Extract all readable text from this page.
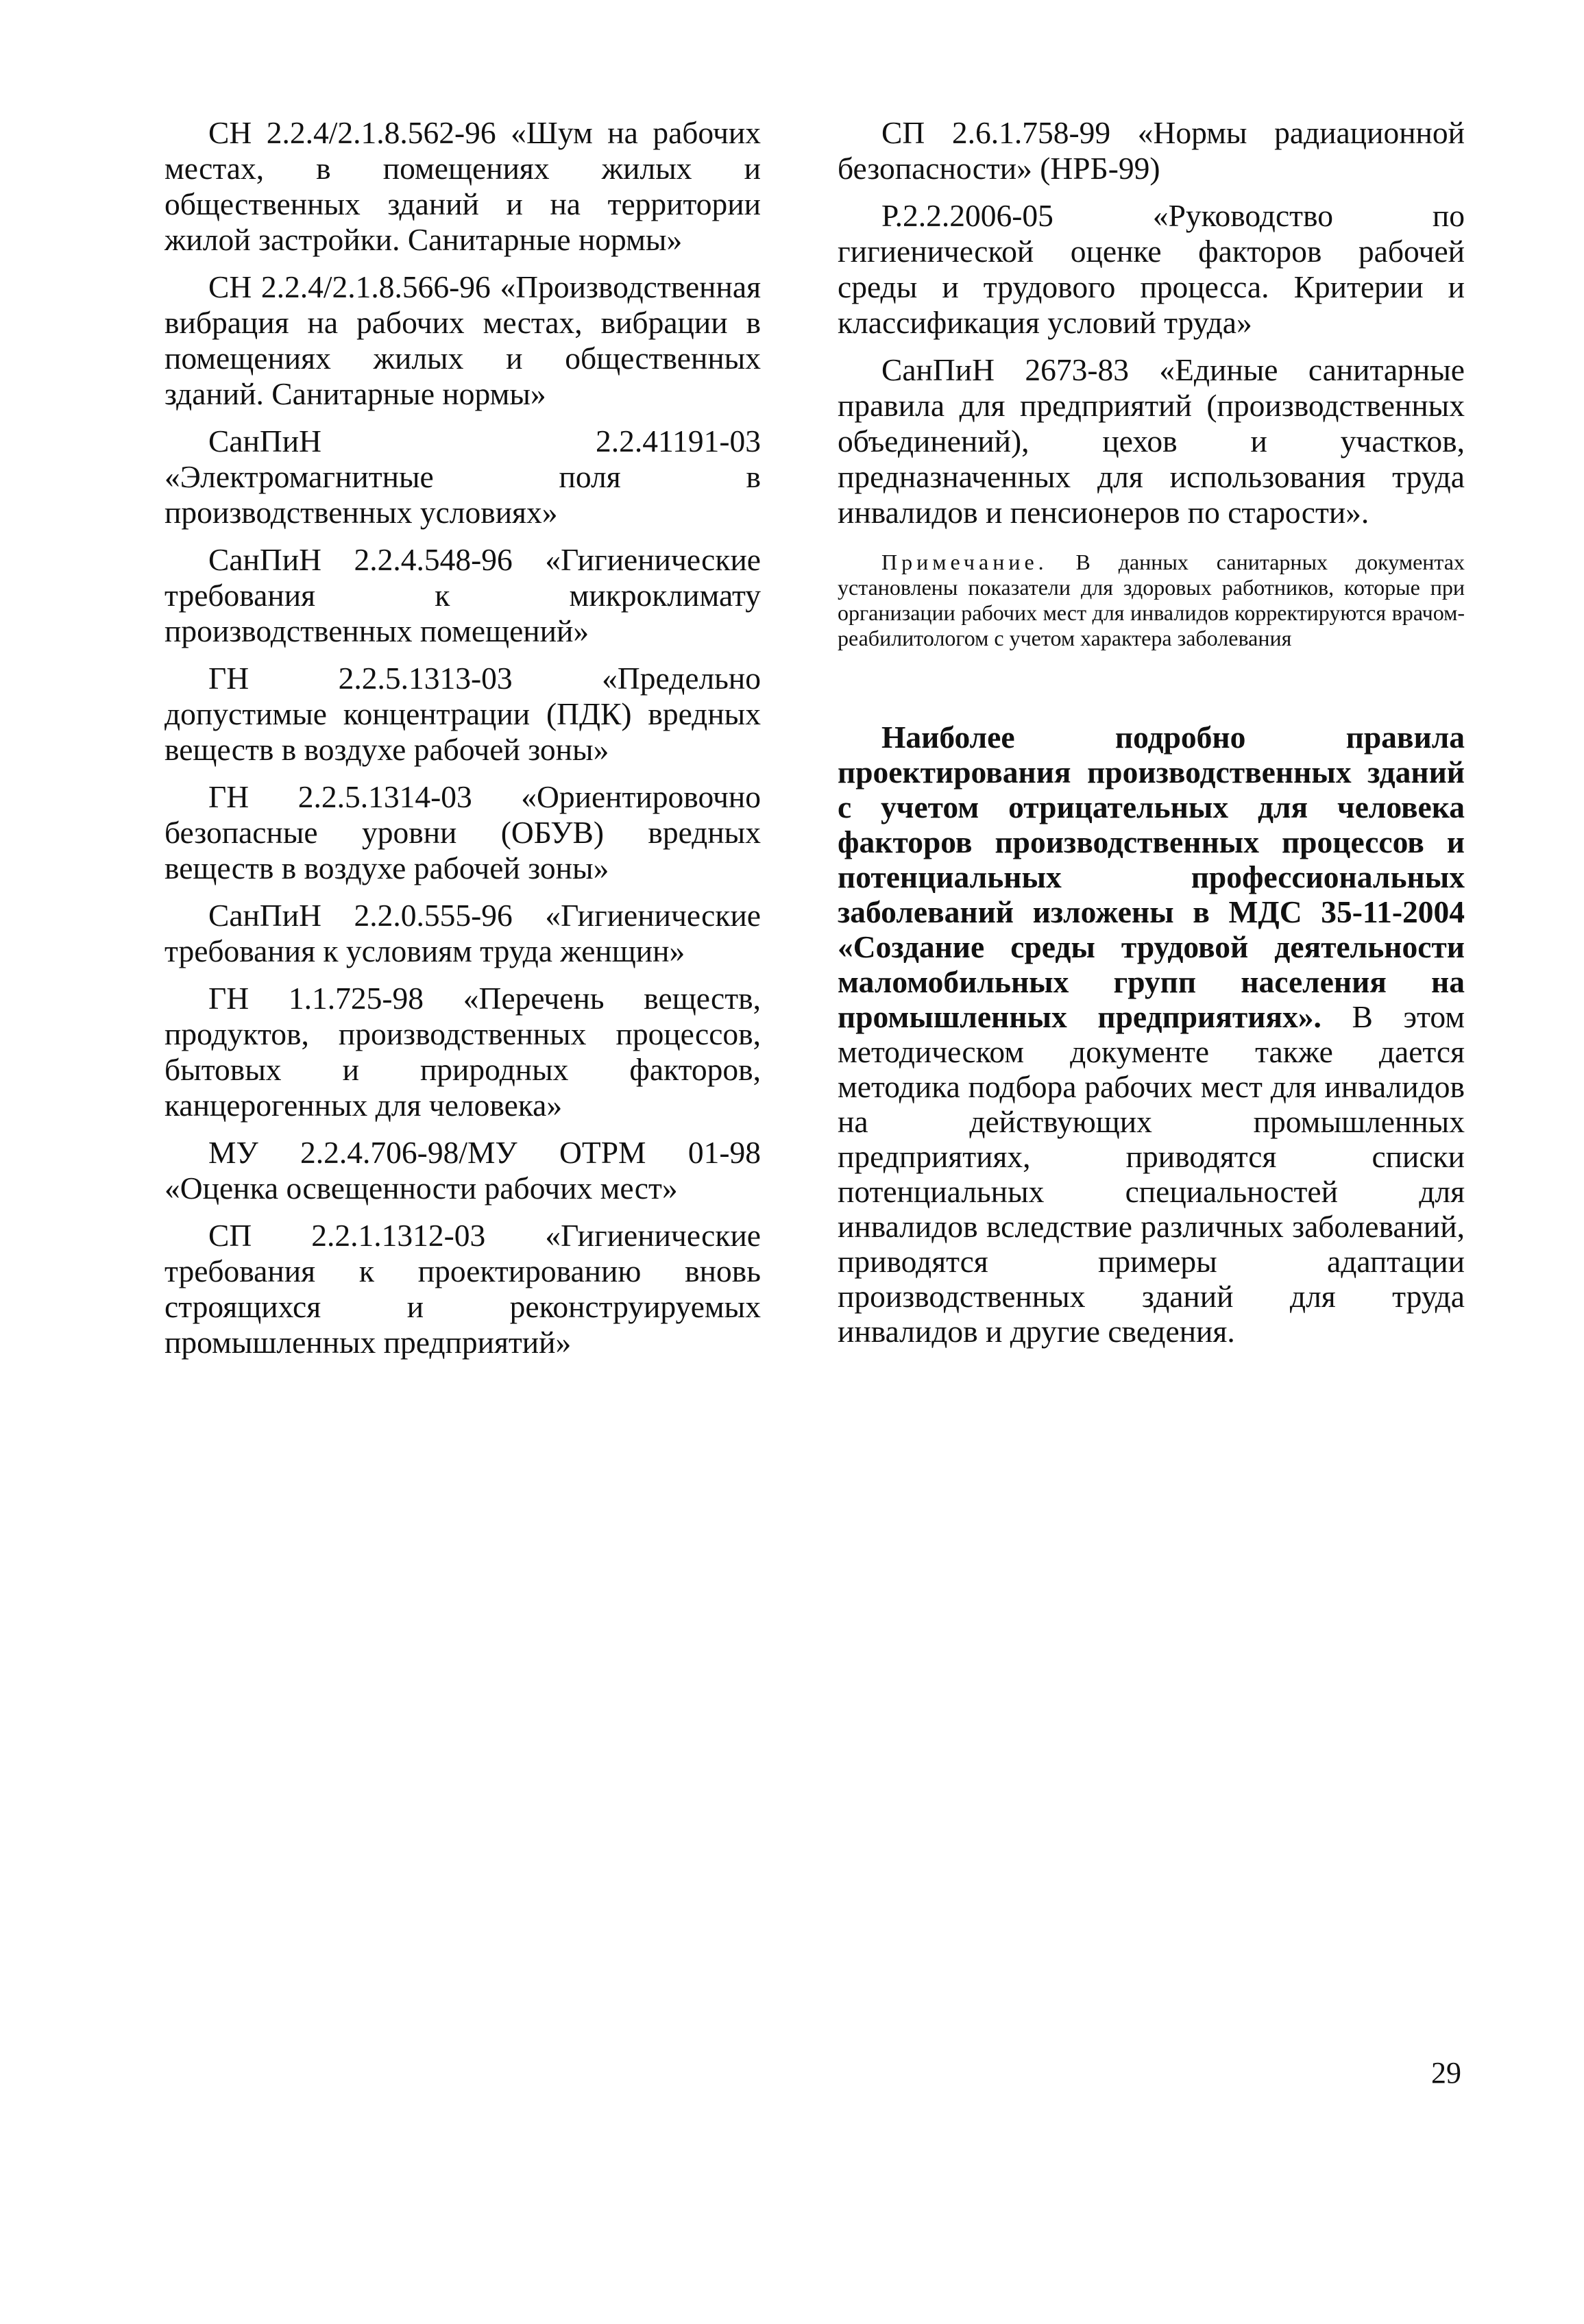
СН 2.2.4/2.1.8.562-96 «Шум на рабочих местах, в помещениях жилых и общественных зданий и на территории жилой застройки. Санитарные нормы»

СН 2.2.4/2.1.8.566-96 «Производственная вибрация на рабочих местах, вибрации в помещениях жилых и общественных зданий. Санитарные нормы»

СанПиН 2.2.41191-03 «Электромагнитные поля в производственных условиях»

СанПиН 2.2.4.548-96 «Гигиенические требования к микроклимату производственных помещений»

ГН 2.2.5.1313-03 «Предельно допустимые концентрации (ПДК) вредных веществ в воздухе рабочей зоны»

ГН 2.2.5.1314-03 «Ориентировочно безопасные уровни (ОБУВ) вредных веществ в воздухе рабочей зоны»

СанПиН 2.2.0.555-96 «Гигиенические требования к условиям труда женщин»

ГН 1.1.725-98 «Перечень веществ, продуктов, производственных процессов, бытовых и природных факторов, канцерогенных для человека»

МУ 2.2.4.706-98/МУ ОТРМ 01-98 «Оценка освещенности рабочих мест»

СП 2.2.1.1312-03 «Гигиенические требования к проектированию вновь строящихся и реконструируемых промышленных предприятий»

СП 2.6.1.758-99 «Нормы радиационной безопасности» (НРБ-99)

Р.2.2.2006-05 «Руководство по гигиенической оценке факторов рабочей среды и трудового процесса. Критерии и классификация условий труда»

СанПиН 2673-83 «Единые санитарные правила для предприятий (производственных объединений), цехов и участков, предназначенных для использования труда инвалидов и пенсионеров по старости».

Примечание. В данных санитарных документах установлены показатели для здоровых работников, которые при организации рабочих мест для инвалидов корректируются врачом-реабилитологом с учетом характера заболевания

Наиболее подробно правила проектирования производственных зданий с учетом отрицательных для человека факторов производственных процессов и потенциальных профессиональных заболеваний изложены в МДС 35-11-2004 «Создание среды трудовой деятельности маломобильных групп населения на промышленных предприятиях». В этом методическом документе также дается методика подбора рабочих мест для инвалидов на действующих промышленных предприятиях, приводятся списки потенциальных специальностей для инвалидов вследствие различных заболеваний, приводятся примеры адаптации производственных зданий для труда инвалидов и другие сведения.

29
